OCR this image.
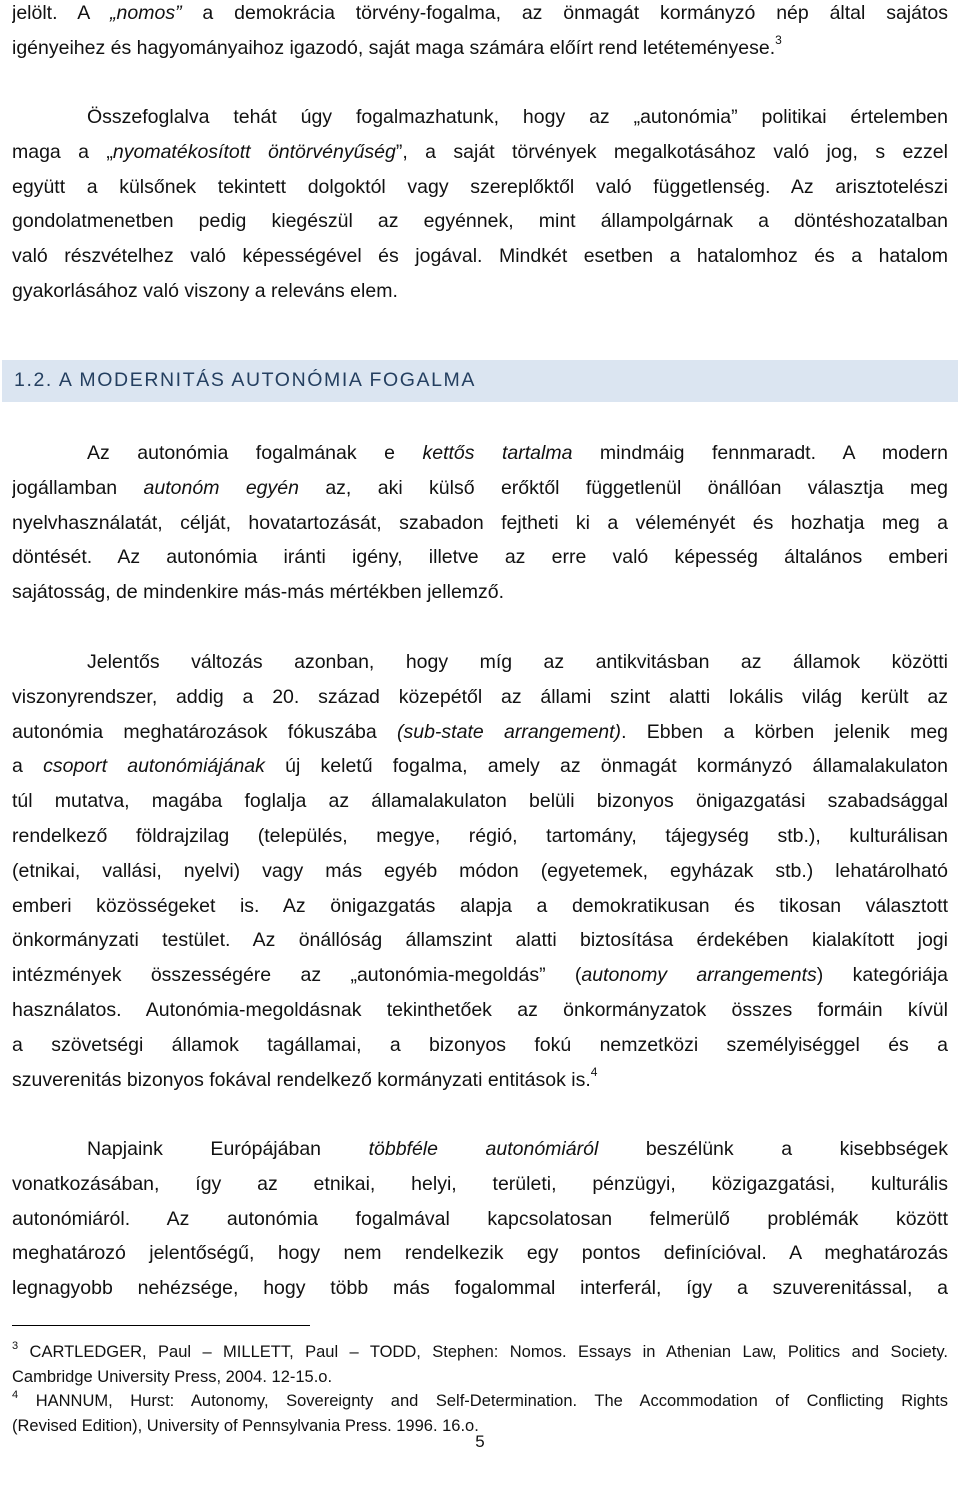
jelölt. A „nomos” a demokrácia törvény-fogalma, az önmagát kormányzó nép által sajátos
igényeihez és hagyományaihoz igazodó, saját maga számára előírt rend letéteményese.$^3$
Összefoglalva tehát úgy fogalmazhatunk, hogy az „autonómia” politikai értelemben
maga a „nyomatékosított öntörvényűség”, a saját törvények megalkotásához való jog, s ezzel
együtt a külsőnek tekintett dolgoktól vagy szereplőktől való függetlenség. Az arisztotelészi
gondolatmenetben pedig kiegészül az egyénnek, mint állampolgárnak a döntéshozatalban
való részvételhez való képességével és jogával. Mindkét esetben a hatalomhoz és a hatalom
gyakorlásához való viszony a releváns elem.
1.2. A MODERNITÁS AUTONÓMIA FOGALMA
Az autonómia fogalmának e kettős tartalma mindmáig fennmaradt. A modern
jogállamban autonóm egyén az, aki külső erőktől függetlenül önállóan választja meg
nyelvhasználatát, célját, hovatartozását, szabadon fejtheti ki a véleményét és hozhatja meg a
döntését. Az autonómia iránti igény, illetve az erre való képesség általános emberi
sajátosság, de mindenkire más-más mértékben jellemző.
Jelentős változás azonban, hogy míg az antikvitásban az államok közötti
viszonyrendszer, addig a 20. század közepétől az állami szint alatti lokális világ került az
autonómia meghatározások fókuszába (sub-state arrangement). Ebben a körben jelenik meg
a csoport autonómiájának új keletű fogalma, amely az önmagát kormányzó államalakulaton
túl mutatva, magába foglalja az államalakulaton belüli bizonyos önigazgatási szabadsággal
rendelkező földrajzilag (település, megye, régió, tartomány, tájegység stb.), kulturálisan
(etnikai, vallási, nyelvi) vagy más egyéb módon (egyetemek, egyházak stb.) lehatárolható
emberi közösségeket is. Az önigazgatás alapja a demokratikusan és tikosan választott
önkormányzati testület. Az önállóság államszint alatti biztosítása érdekében kialakított jogi
intézmények összességére az „autonómia-megoldás” (autonomy arrangements) kategóriája
használatos. Autonómia-megoldásnak tekinthetőek az önkormányzatok összes formáin kívül
a szövetségi államok tagállamai, a bizonyos fokú nemzetközi személyiséggel és a
szuverenitás bizonyos fokával rendelkező kormányzati entitások is.$^4$
Napjaink Európájában többféle autonómiáról beszélünk a kisebbségek
vonatkozásában, így az etnikai, helyi, területi, pénzügyi, közigazgatási, kulturális
autonómiáról. Az autonómia fogalmával kapcsolatosan felmerülő problémák között
meghatározó jelentőségű, hogy nem rendelkezik egy pontos definícióval. A meghatározás
legnagyobb nehézsége, hogy több más fogalommal interferál, így a szuverenitással, a
$^3$ CARTLEDGER, Paul – MILLETT, Paul – TODD, Stephen: Nomos. Essays in Athenian Law, Politics and Society.
Cambridge University Press, 2004. 12-15.o.
$^4$ HANNUM, Hurst: Autonomy, Sovereignty and Self-Determination. The Accommodation of Conflicting Rights
(Revised Edition), University of Pennsylvania Press. 1996. 16.o.
5
